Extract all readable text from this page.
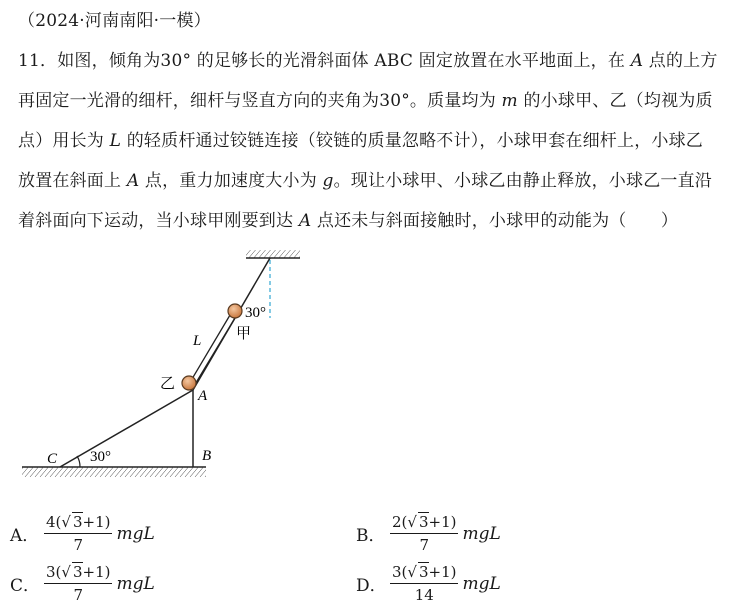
（2024·河南南阳·一模）
11．如图，倾角为30° 的足够长的光滑斜面体 ABC 固定放置在水平地面上，在 A 点的上方
再固定一光滑的细杆，细杆与竖直方向的夹角为30°。质量均为 m 的小球甲、乙（均视为质
点）用长为 L 的轻质杆通过铰链连接（铰链的质量忽略不计），小球甲套在细杆上，小球乙
放置在斜面上 A 点，重力加速度大小为 g。现让小球甲、小球乙由静止释放，小球乙一直沿
着斜面向下运动，当小球甲刚要到达 A 点还未与斜面接触时，小球甲的动能为（　　）
30°
甲
L
乙
A
B
C 30°
A． $\frac{4(√ 3+1)}{7}$ mgL	B． $\frac{2(√ 3+1)}{7}$ mgL
C． $\frac{3(√ 3+1)}{7}$ mgL	D． $\frac{3(√ 3+1)}{14}$ mgL
